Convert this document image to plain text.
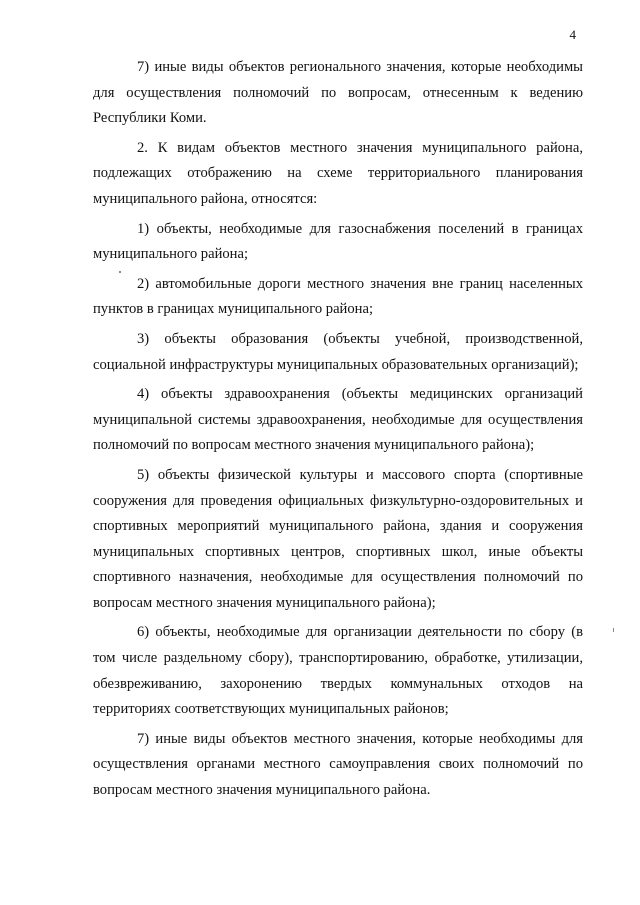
4

7) иные виды объектов регионального значения, которые необходимы для осуществления полномочий по вопросам, отнесенным к ведению Республики Коми.

2. К видам объектов местного значения муниципального района, подлежащих отображению на схеме территориального планирования муниципального района, относятся:

1) объекты, необходимые для газоснабжения поселений в границах муниципального района;

2) автомобильные дороги местного значения вне границ населенных пунктов в границах муниципального района;

3) объекты образования (объекты учебной, производственной, социальной инфраструктуры муниципальных образовательных организаций);

4) объекты здравоохранения (объекты медицинских организаций муниципальной системы здравоохранения, необходимые для осуществления полномочий по вопросам местного значения муниципального района);

5) объекты физической культуры и массового спорта (спортивные сооружения для проведения официальных физкультурно-оздоровительных и спортивных мероприятий муниципального района, здания и сооружения муниципальных спортивных центров, спортивных школ, иные объекты спортивного назначения, необходимые для осуществления полномочий по вопросам местного значения муниципального района);

6) объекты, необходимые для организации деятельности по сбору (в том числе раздельному сбору), транспортированию, обработке, утилизации, обезвреживанию, захоронению твердых коммунальных отходов на территориях соответствующих муниципальных районов;

7) иные виды объектов местного значения, которые необходимы для осуществления органами местного самоуправления своих полномочий по вопросам местного значения муниципального района.
